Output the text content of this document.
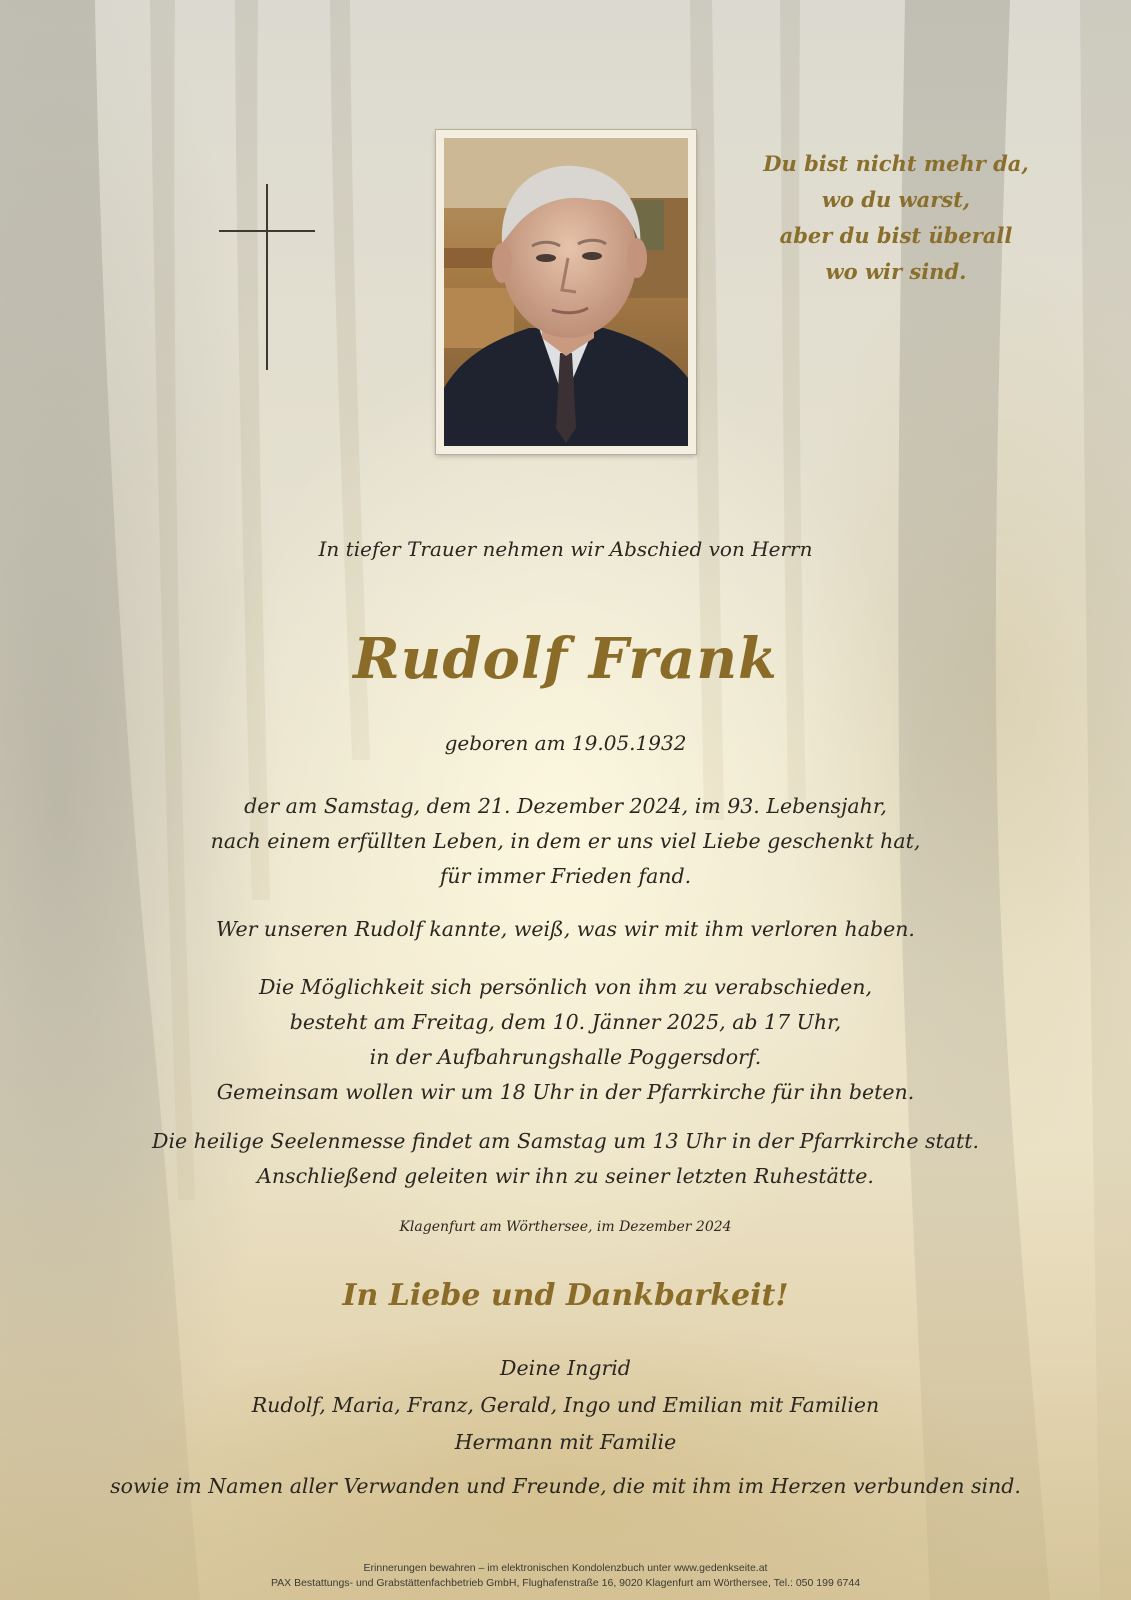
Du bist nicht mehr da,
wo du warst,
aber du bist überall
wo wir sind.
In tiefer Trauer nehmen wir Abschied von Herrn
Rudolf Frank
geboren am 19.05.1932
der am Samstag, dem 21. Dezember 2024, im 93. Lebensjahr,
nach einem erfüllten Leben, in dem er uns viel Liebe geschenkt hat,
für immer Frieden fand.
Wer unseren Rudolf kannte, weiß, was wir mit ihm verloren haben.
Die Möglichkeit sich persönlich von ihm zu verabschieden,
besteht am Freitag, dem 10. Jänner 2025, ab 17 Uhr,
in der Aufbahrungshalle Poggersdorf.
Gemeinsam wollen wir um 18 Uhr in der Pfarrkirche für ihn beten.
Die heilige Seelenmesse findet am Samstag um 13 Uhr in der Pfarrkirche statt.
Anschließend geleiten wir ihn zu seiner letzten Ruhestätte.
Klagenfurt am Wörthersee, im Dezember 2024
In Liebe und Dankbarkeit!
Deine Ingrid
Rudolf, Maria, Franz, Gerald, Ingo und Emilian mit Familien
Hermann mit Familie
sowie im Namen aller Verwanden und Freunde, die mit ihm im Herzen verbunden sind.
Erinnerungen bewahren – im elektronischen Kondolenzbuch unter www.gedenkseite.at
PAX Bestattungs- und Grabstättenfachbetrieb GmbH, Flughafenstraße 16, 9020 Klagenfurt am Wörthersee, Tel.: 050 199 6744
